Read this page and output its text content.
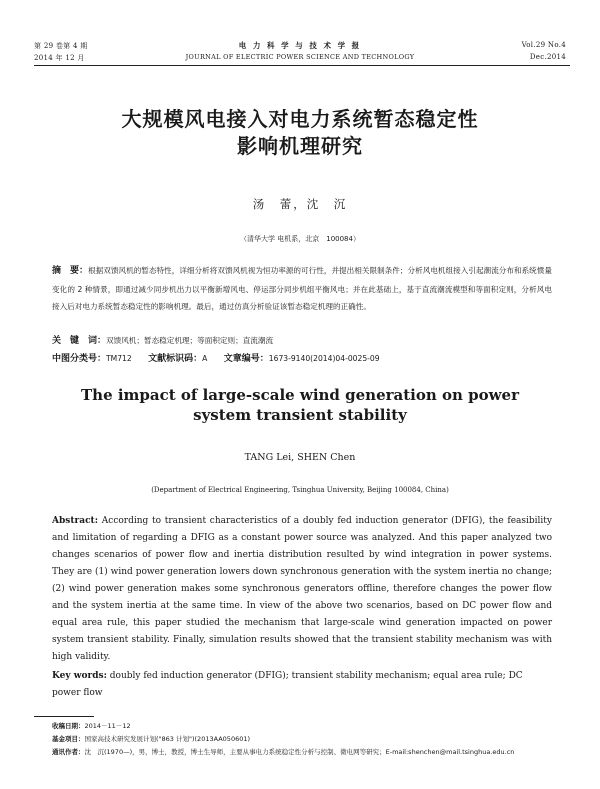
第 29 卷第 4 期
2014 年 12 月
电 力 科 学 与 技 术 学 报
JOURNAL OF ELECTRIC POWER SCIENCE AND TECHNOLOGY
Vol.29 No.4
Dec.2014
大规模风电接入对电力系统暂态稳定性
影响机理研究
汤　蕾，沈　沉
（清华大学 电机系，北京　100084）
摘　要：根据双馈风机的暂态特性，详细分析将双馈风机视为恒功率源的可行性，并提出相关限制条件；分析风电机组接入引起潮流分布和系统惯量变化的 2 种情景，即通过减少同步机出力以平衡新增风电、停运部分同步机组平衡风电；并在此基础上，基于直流潮流模型和等面积定则，分析风电接入后对电力系统暂态稳定性的影响机理。最后，通过仿真分析验证该暂态稳定机理的正确性。
关　键　词：双馈风机；暂态稳定机理；等面积定则；直流潮流
中图分类号：TM712 文献标识码：A 文章编号：1673-9140(2014)04-0025-09
The impact of large-scale wind generation on power
system transient stability
TANG Lei, SHEN Chen
(Department of Electrical Engineering, Tsinghua University, Beijing 100084, China)
Abstract: According to transient characteristics of a doubly fed induction generator (DFIG), the feasibility and limitation of regarding a DFIG as a constant power source was analyzed. And this paper analyzed two changes scenarios of power flow and inertia distribution resulted by wind integration in power systems. They are (1) wind power generation lowers down synchronous generation with the system inertia no change; (2) wind power generation makes some synchronous generators offline, therefore changes the power flow and the system inertia at the same time. In view of the above two scenarios, based on DC power flow and equal area rule, this paper studied the mechanism that large-scale wind generation impacted on power system transient stability. Finally, simulation results showed that the transient stability mechanism was with high validity.
Key words: doubly fed induction generator (DFIG); transient stability mechanism; equal area rule; DC power flow
收稿日期：2014－11－12
基金项目：国家高技术研究发展计划("863 计划")(2013AA050601)
通讯作者：沈　沉(1970—)，男，博士，教授，博士生导师，主要从事电力系统稳定性分析与控制、微电网等研究；E-mail:shenchen@mail.tsinghua.edu.cn
